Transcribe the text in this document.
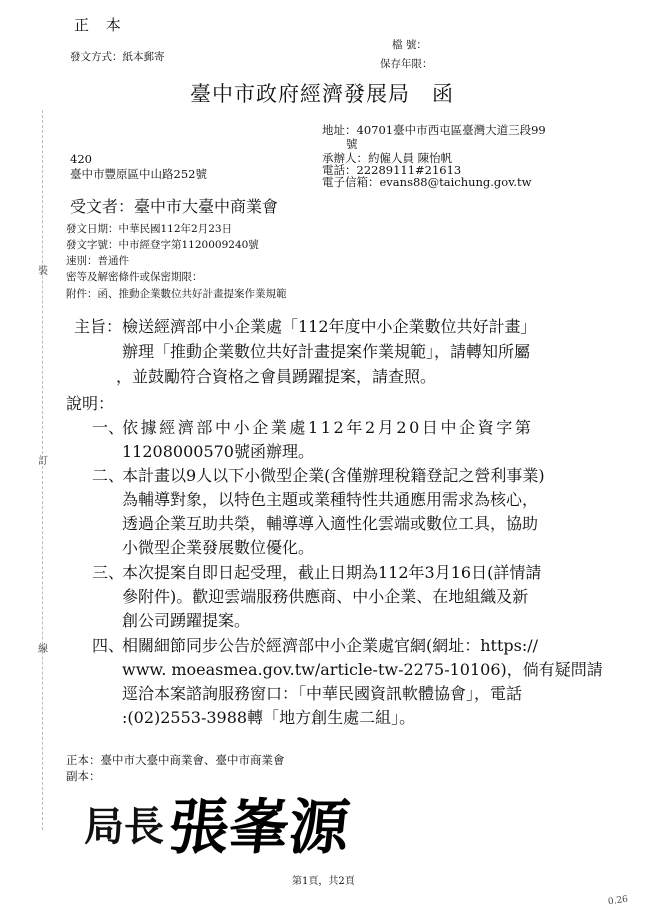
正 本
發文方式：紙本郵寄
檔 號：
保存年限：
臺中市政府經濟發展局　函
地址：40701臺中市西屯區臺灣大道三段99
號
承辦人：約僱人員 陳怡帆
電話：22289111#21613
電子信箱：evans88@taichung.gov.tw
420
臺中市豐原區中山路252號
受文者：臺中市大臺中商業會
發文日期：中華民國112年2月23日
發文字號：中市經登字第1120009240號
速別：普通件
密等及解密條件或保密期限：
附件：函、推動企業數位共好計畫提案作業規範
主旨： 檢送經濟部中小企業處「112年度中小企業數位共好計畫」
辦理「推動企業數位共好計畫提案作業規範」，請轉知所屬
，並鼓勵符合資格之會員踴躍提案，請查照。
說明：
一、
依據經濟部中小企業處112年2月20日中企資字第
11208000570號函辦理。
二、
本計畫以9人以下小微型企業(含僅辦理稅籍登記之營利事業)
為輔導對象，以特色主題或業種特性共通應用需求為核心，
透過企業互助共榮，輔導導入適性化雲端或數位工具，協助
小微型企業發展數位優化。
三、
本次提案自即日起受理，截止日期為112年3月16日(詳情請
參附件)。歡迎雲端服務供應商、中小企業、在地組織及新
創公司踴躍提案。
四、
相關細節同步公告於經濟部中小企業處官網(網址：https://
www. moeasmea.gov.tw/article-tw-2275-10106)，倘有疑問請
逕洽本案諮詢服務窗口：「中華民國資訊軟體協會」，電話
:(02)2553-3988轉「地方創生處二組」。
正本：臺中市大臺中商業會、臺中市商業會
副本：
局長 張峯源
第1頁，共2頁
裝
訂
線
0.26
